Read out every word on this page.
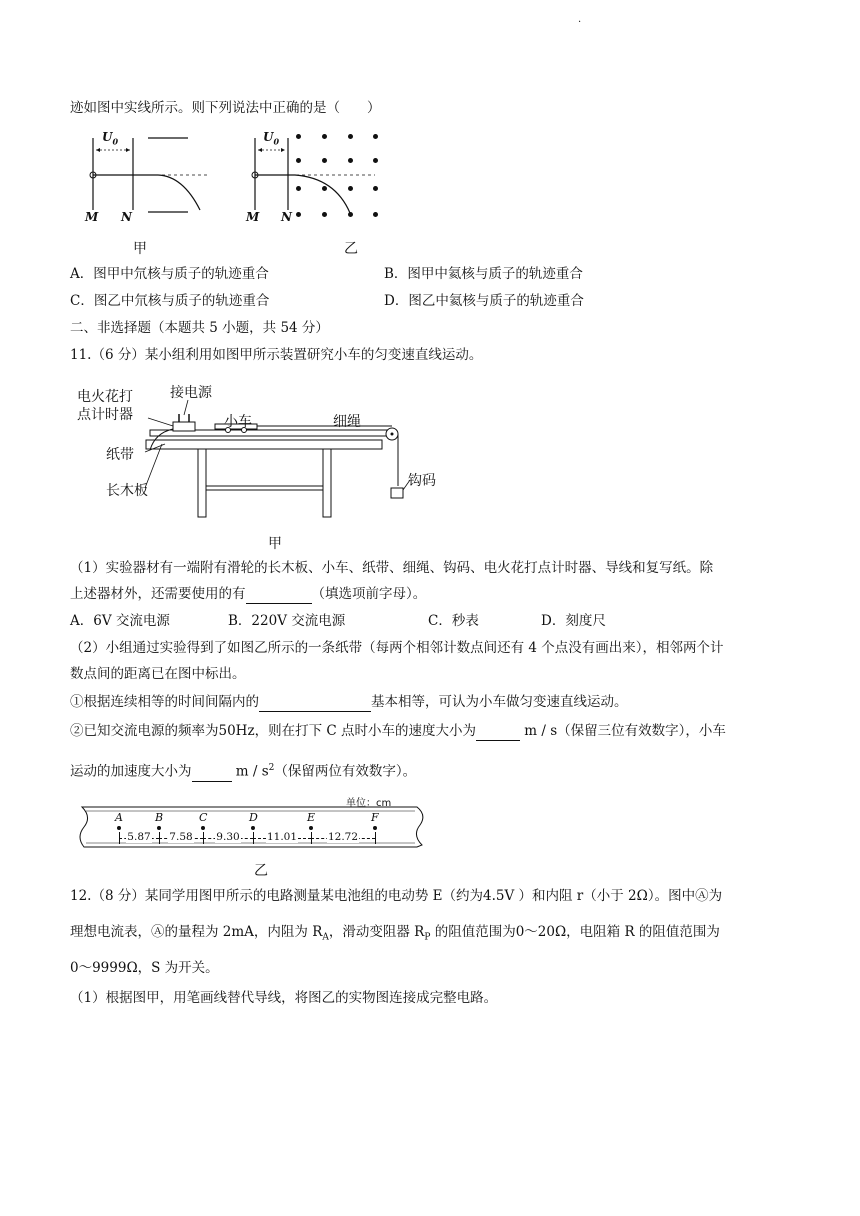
.
迹如图中实线所示。则下列说法中正确的是（　　）
$U_0$
M N
甲
$U_0$
M N
乙
A．图甲中氘核与质子的轨迹重合	B．图甲中氦核与质子的轨迹重合
C．图乙中氘核与质子的轨迹重合	D．图乙中氦核与质子的轨迹重合
二、非选择题（本题共 5 小题，共 54 分）
11.（6 分）某小组利用如图甲所示装置研究小车的匀变速直线运动。
电火花打
点计时器
接电源
小车	细绳
纸带
长木板
钩码
甲
（1）实验器材有一端附有滑轮的长木板、小车、纸带、细绳、钩码、电火花打点计时器、导线和复写纸。除
上述器材外，还需要使用的有	（填选项前字母）。
A．6V 交流电源	B．220V 交流电源	C．秒表	D．刻度尺
（2）小组通过实验得到了如图乙所示的一条纸带（每两个相邻计数点间还有 4 个点没有画出来），相邻两个计
数点间的距离已在图中标出。
①根据连续相等的时间间隔内的	基本相等，可认为小车做匀变速直线运动。
②已知交流电源的频率为50Hz，则在打下 C 点时小车的速度大小为	m / s（保留三位有效数字），小车
运动的加速度大小为	m / $s^2$（保留两位有效数字）。
单位：cm
A	B	C	D	E	F
5.87	7.58	9.30	11.01	12.72
乙
12.（8 分）某同学用图甲所示的电路测量某电池组的电动势 E（约为4.5V ）和内阻 r（小于 2Ω）。图中Ⓐ为
理想电流表，Ⓐ的量程为 2mA，内阻为 $R_A$，滑动变阻器 $R_P$ 的阻值范围为0～20Ω，电阻箱 R 的阻值范围为
0～9999Ω，S 为开关。
（1）根据图甲，用笔画线替代导线，将图乙的实物图连接成完整电路。
